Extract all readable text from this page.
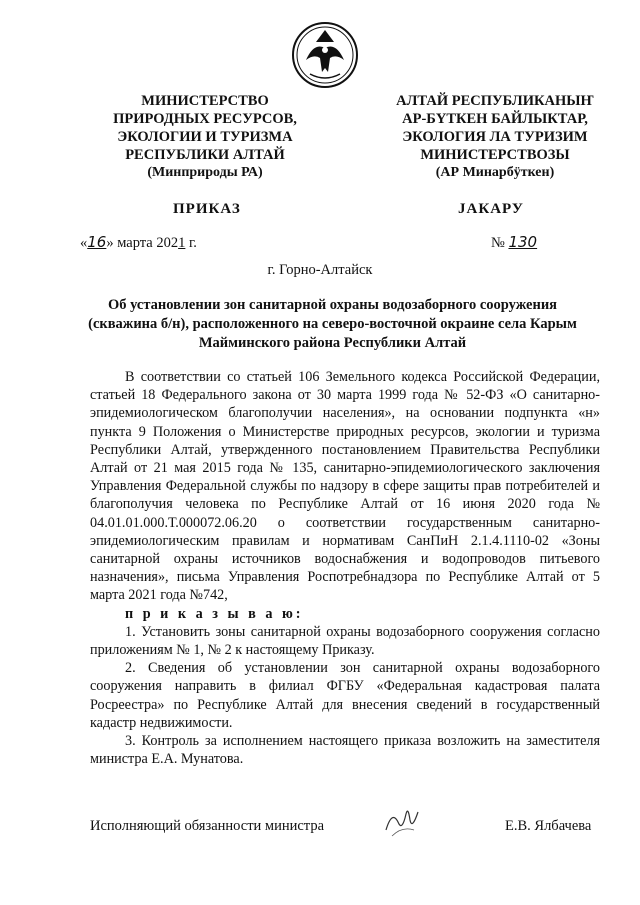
МИНИСТЕРСТВО
ПРИРОДНЫХ РЕСУРСОВ,
ЭКОЛОГИИ И ТУРИЗМА
РЕСПУБЛИКИ АЛТАЙ
(Минприроды РА)
АЛТАЙ РЕСПУБЛИКАНЫҤ
АР-БҮТКЕН БАЙЛЫКТАР,
ЭКОЛОГИЯ ЛА ТУРИЗИМ
МИНИСТЕРСТВОЗЫ
(АР Минарбӱткен)
ПРИКАЗ	JАКАРУ
«16» марта 2021 г.	№ 130
г. Горно-Алтайск
Об установлении зон санитарной охраны водозаборного сооружения
(скважина б/н), расположенного на северо-восточной окраине села Карым
Майминского района Республики Алтай

В соответствии со статьей 106 Земельного кодекса Российской Федерации, статьей 18 Федерального закона от 30 марта 1999 года № 52-ФЗ «О санитарно-эпидемиологическом благополучии населения», на основании подпункта «н» пункта 9 Положения о Министерстве природных ресурсов, экологии и туризма Республики Алтай, утвержденного постановлением Правительства Республики Алтай от 21 мая 2015 года № 135, санитарно-эпидемиологического заключения Управления Федеральной службы по надзору в сфере защиты прав потребителей и благополучия человека по Республике Алтай от 16 июня 2020 года № 04.01.01.000.Т.000072.06.20 о соответствии государственным санитарно-эпидемиологическим правилам и нормативам СанПиН 2.1.4.1110-02 «Зоны санитарной охраны источников водоснабжения и водопроводов питьевого назначения», письма Управления Роспотребнадзора по Республике Алтай от 5 марта 2021 года №742,

п р и к а з ы в а ю:

1. Установить зоны санитарной охраны водозаборного сооружения согласно приложениям № 1, № 2 к настоящему Приказу.

2. Сведения об установлении зон санитарной охраны водозаборного сооружения направить в филиал ФГБУ «Федеральная кадастровая палата Росреестра» по Республике Алтай для внесения сведений в государственный кадастр недвижимости.

3. Контроль за исполнением настоящего приказа возложить на заместителя министра Е.А. Мунатова.

Исполняющий обязанности министра	Е.В. Ялбачева
